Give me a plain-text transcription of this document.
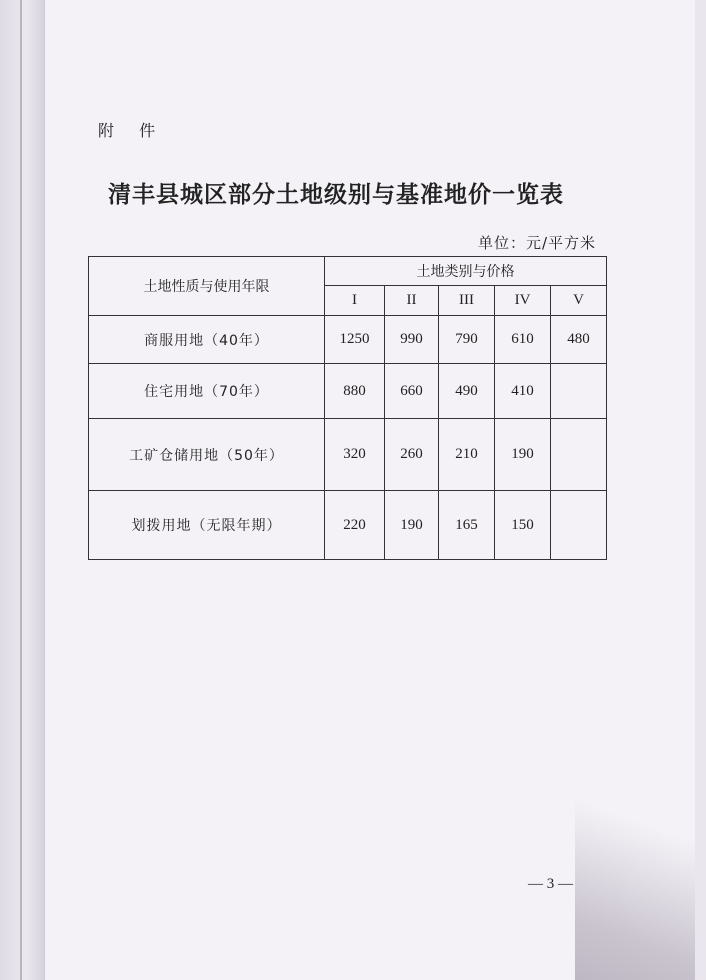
附 件
清丰县城区部分土地级别与基准地价一览表
单位：元/平方米
土地性质与使用年限	土地类别与价格				
	I	II	III	IV	V
商服用地（40年）	1250	990	790	610	480
住宅用地（70年）	880	660	490	410	
工矿仓储用地（50年）	320	260	210	190	
划拨用地（无限年期）	220	190	165	150	
— 3 —
